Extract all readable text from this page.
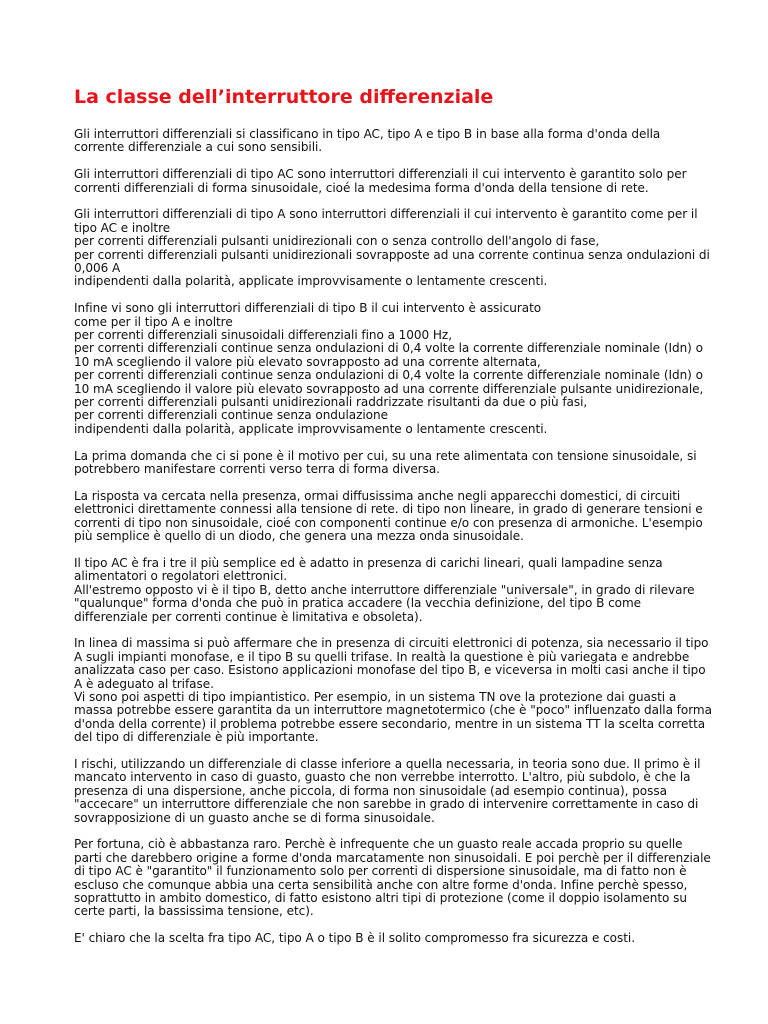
La classe dell’interruttore differenziale
Gli interruttori differenziali si classificano in tipo AC, tipo A e tipo B in base alla forma d'onda della
corrente differenziale a cui sono sensibili.
Gli interruttori differenziali di tipo AC sono interruttori differenziali il cui intervento è garantito solo per
correnti differenziali di forma sinusoidale, cioé la medesima forma d'onda della tensione di rete.
Gli interruttori differenziali di tipo A sono interruttori differenziali il cui intervento è garantito come per il
tipo AC e inoltre
per correnti differenziali pulsanti unidirezionali con o senza controllo dell'angolo di fase,
per correnti differenziali pulsanti unidirezionali sovrapposte ad una corrente continua senza ondulazioni di
0,006 A
indipendenti dalla polarità, applicate improvvisamente o lentamente crescenti.
Infine vi sono gli interruttori differenziali di tipo B il cui intervento è assicurato
come per il tipo A e inoltre
per correnti differenziali sinusoidali differenziali fino a 1000 Hz,
per correnti differenziali continue senza ondulazioni di 0,4 volte la corrente differenziale nominale (Idn) o
10 mA scegliendo il valore più elevato sovrapposto ad una corrente alternata,
per correnti differenziali continue senza ondulazioni di 0,4 volte la corrente differenziale nominale (Idn) o
10 mA scegliendo il valore più elevato sovrapposto ad una corrente differenziale pulsante unidirezionale,
per correnti differenziali pulsanti unidirezionali raddrizzate risultanti da due o più fasi,
per correnti differenziali continue senza ondulazione
indipendenti dalla polarità, applicate improvvisamente o lentamente crescenti.
La prima domanda che ci si pone è il motivo per cui, su una rete alimentata con tensione sinusoidale, si
potrebbero manifestare correnti verso terra di forma diversa.
La risposta va cercata nella presenza, ormai diffusissima anche negli apparecchi domestici, di circuiti
elettronici direttamente connessi alla tensione di rete. di tipo non lineare, in grado di generare tensioni e
correnti di tipo non sinusoidale, cioé con componenti continue e/o con presenza di armoniche. L'esempio
più semplice è quello di un diodo, che genera una mezza onda sinusoidale.
Il tipo AC è fra i tre il più semplice ed è adatto in presenza di carichi lineari, quali lampadine senza
alimentatori o regolatori elettronici.
All'estremo opposto vi è il tipo B, detto anche interruttore differenziale "universale", in grado di rilevare
"qualunque" forma d'onda che può in pratica accadere (la vecchia definizione, del tipo B come
differenziale per correnti continue è limitativa e obsoleta).
In linea di massima si può affermare che in presenza di circuiti elettronici di potenza, sia necessario il tipo
A sugli impianti monofase, e il tipo B su quelli trifase. In realtà la questione è più variegata e andrebbe
analizzata caso per caso. Esistono applicazioni monofase del tipo B, e viceversa in molti casi anche il tipo
A è adeguato al trifase.
Vi sono poi aspetti di tipo impiantistico. Per esempio, in un sistema TN ove la protezione dai guasti a
massa potrebbe essere garantita da un interruttore magnetotermico (che è "poco" influenzato dalla forma
d'onda della corrente) il problema potrebbe essere secondario, mentre in un sistema TT la scelta corretta
del tipo di differenziale è più importante.
I rischi, utilizzando un differenziale di classe inferiore a quella necessaria, in teoria sono due. Il primo è il
mancato intervento in caso di guasto, guasto che non verrebbe interrotto. L'altro, più subdolo, è che la
presenza di una dispersione, anche piccola, di forma non sinusoidale (ad esempio continua), possa
"accecare" un interruttore differenziale che non sarebbe in grado di intervenire correttamente in caso di
sovrapposizione di un guasto anche se di forma sinusoidale.
Per fortuna, ciò è abbastanza raro. Perchè è infrequente che un guasto reale accada proprio su quelle
parti che darebbero origine a forme d'onda marcatamente non sinusoidali. E poi perchè per il differenziale
di tipo AC è "garantito" il funzionamento solo per correnti di dispersione sinusoidale, ma di fatto non è
escluso che comunque abbia una certa sensibilità anche con altre forme d'onda. Infine perchè spesso,
soprattutto in ambito domestico, di fatto esistono altri tipi di protezione (come il doppio isolamento su
certe parti, la bassissima tensione, etc).
E' chiaro che la scelta fra tipo AC, tipo A o tipo B è il solito compromesso fra sicurezza e costi.
